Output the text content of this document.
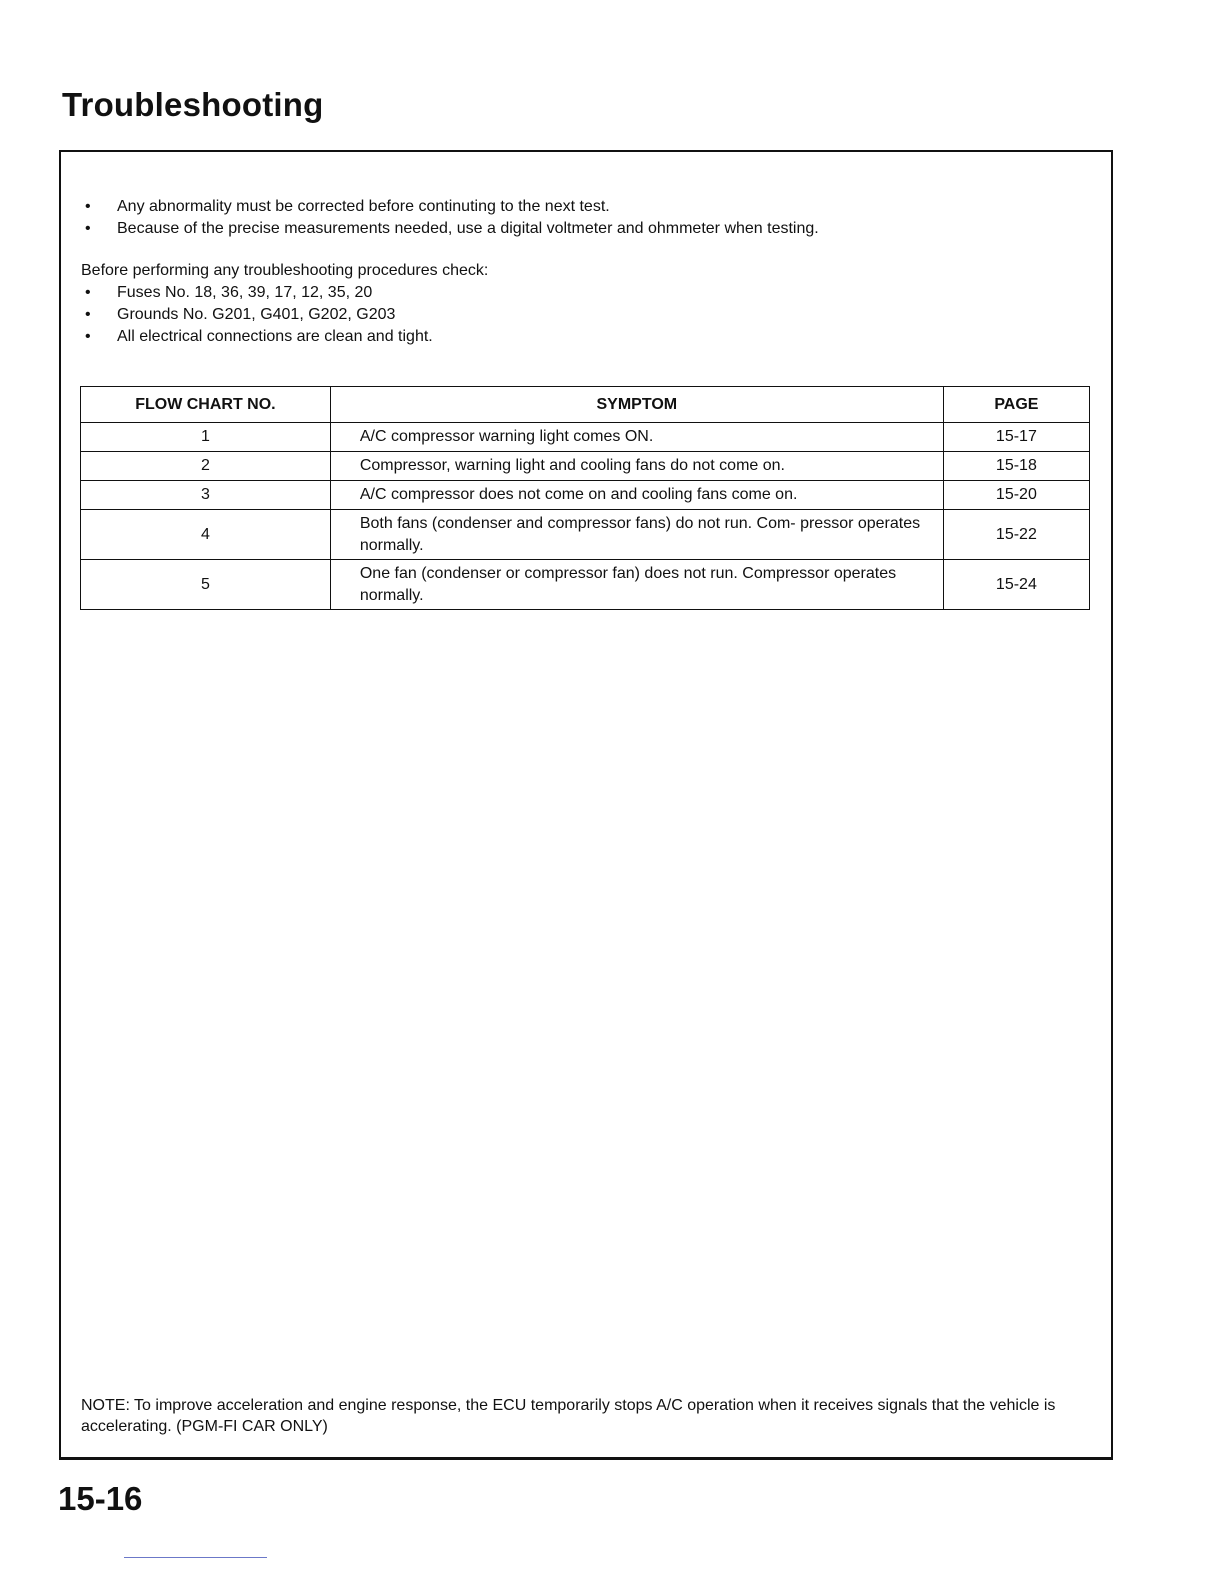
Troubleshooting
• Any abnormality must be corrected before continuting to the next test.
• Because of the precise measurements needed, use a digital voltmeter and ohmmeter when testing.

Before performing any troubleshooting procedures check:

• Fuses No. 18, 36, 39, 17, 12, 35, 20
• Grounds No. G201, G401, G202, G203
• All electrical connections are clean and tight.
FLOW CHART NO.	SYMPTOM	PAGE
1	A/C compressor warning light comes ON.	15-17
2	Compressor, warning light and cooling fans do not come on.	15-18
3	A/C compressor does not come on and cooling fans come on.	15-20
4	Both fans (condenser and compressor fans) do not run. Com- pressor operates normally.	15-22
5	One fan (condenser or compressor fan) does not run. Compressor operates normally.	15-24

NOTE: To improve acceleration and engine response, the ECU temporarily stops A/C operation when it receives signals that the vehicle is accelerating. (PGM-FI CAR ONLY)

15-16
